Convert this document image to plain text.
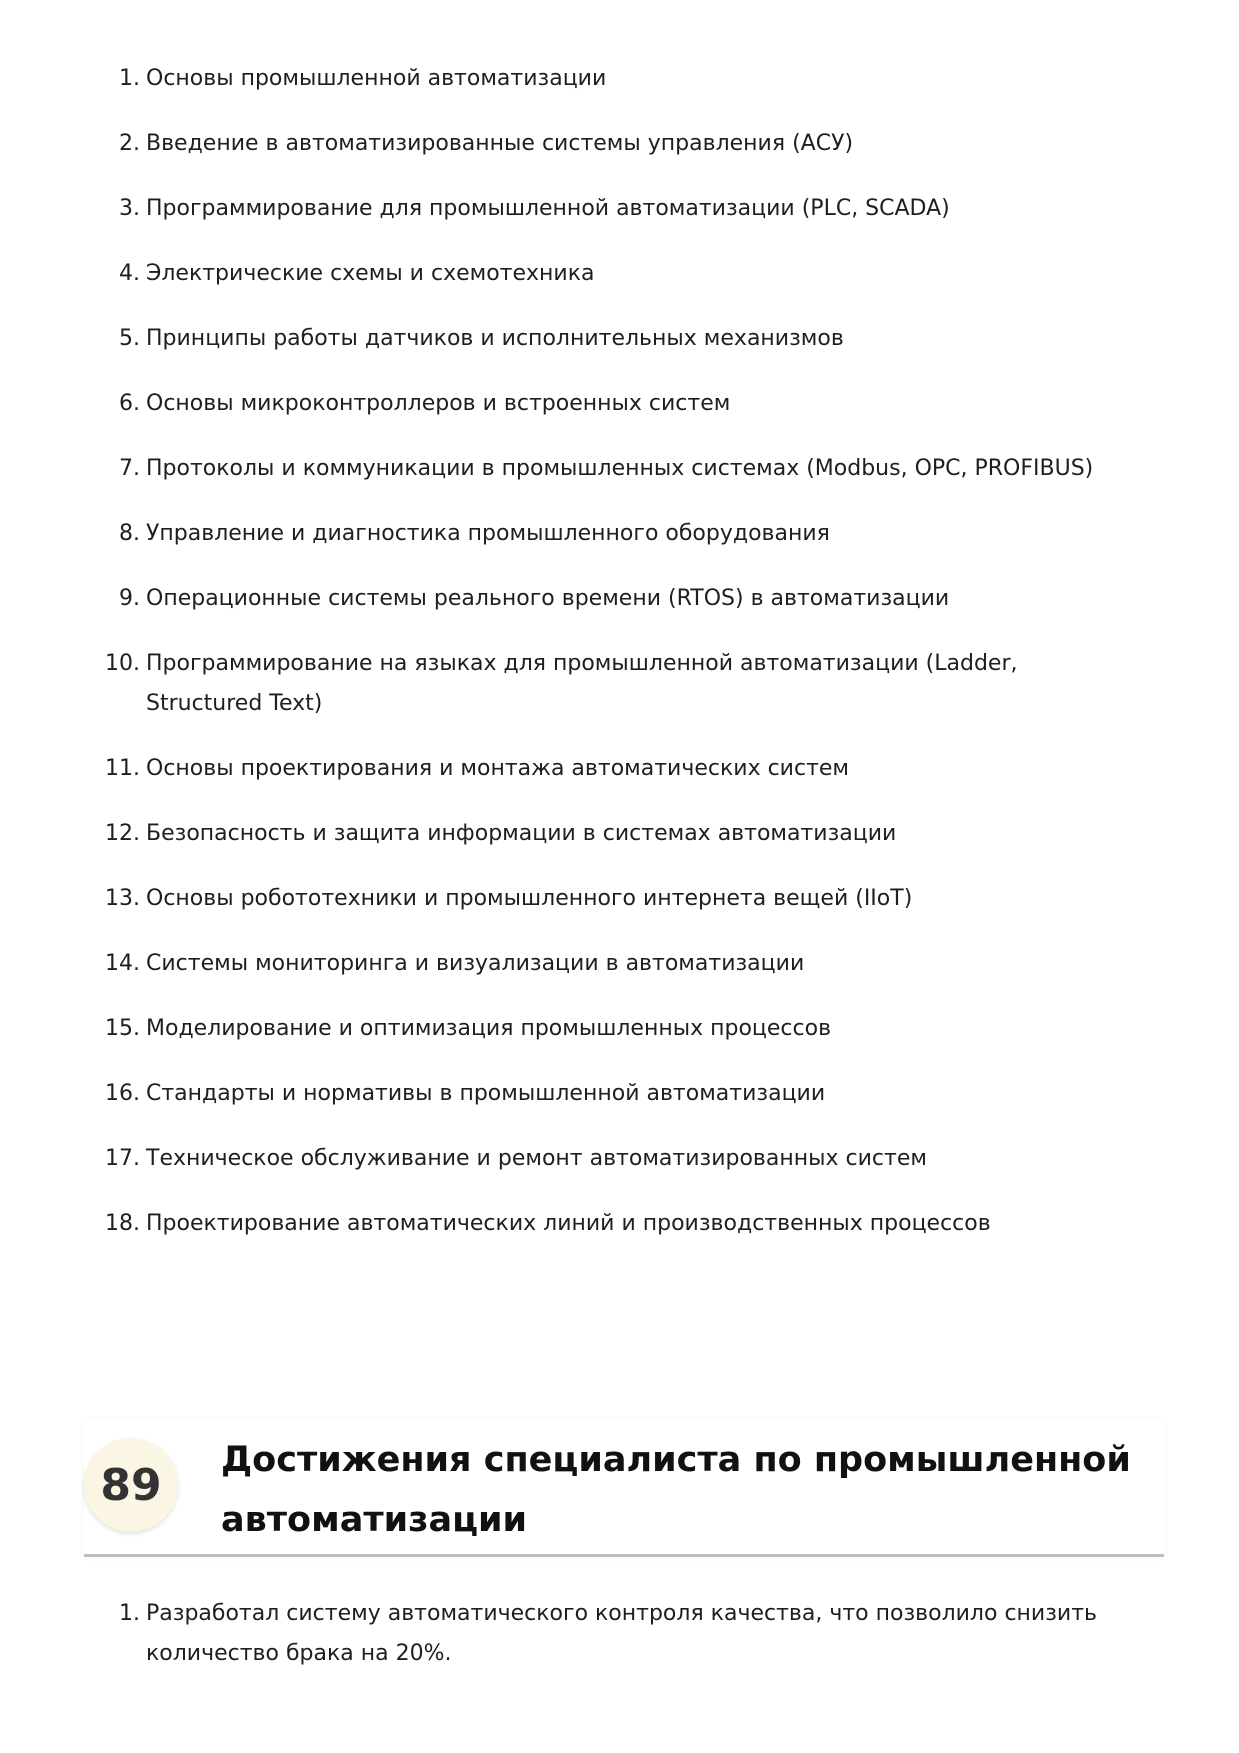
1. Основы промышленной автоматизации
2. Введение в автоматизированные системы управления (АСУ)
3. Программирование для промышленной автоматизации (PLC, SCADA)
4. Электрические схемы и схемотехника
5. Принципы работы датчиков и исполнительных механизмов
6. Основы микроконтроллеров и встроенных систем
7. Протоколы и коммуникации в промышленных системах (Modbus, OPC, PROFIBUS)
8. Управление и диагностика промышленного оборудования
9. Операционные системы реального времени (RTOS) в автоматизации
10. Программирование на языках для промышленной автоматизации (Ladder, Structured Text)
11. Основы проектирования и монтажа автоматических систем
12. Безопасность и защита информации в системах автоматизации
13. Основы робототехники и промышленного интернета вещей (IIoT)
14. Системы мониторинга и визуализации в автоматизации
15. Моделирование и оптимизация промышленных процессов
16. Стандарты и нормативы в промышленной автоматизации
17. Техническое обслуживание и ремонт автоматизированных систем
18. Проектирование автоматических линий и производственных процессов
89	Достижения специалиста по промышленной автоматизации
1. Разработал систему автоматического контроля качества, что позволило снизить количество брака на 20%.
